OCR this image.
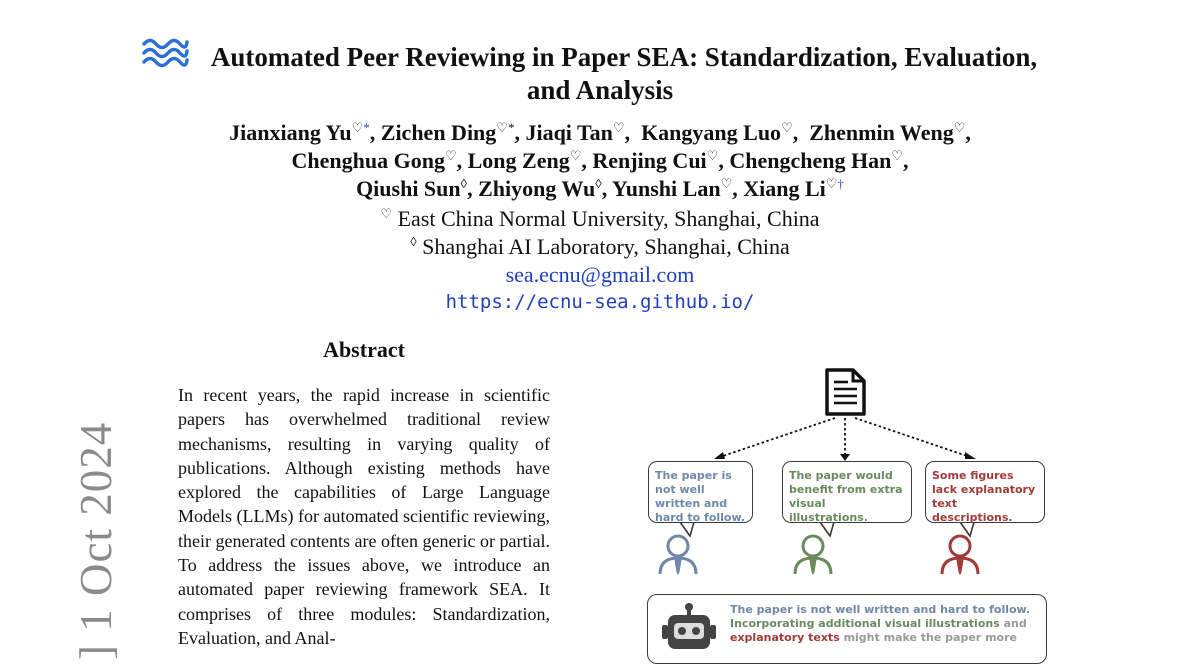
Automated Peer Reviewing in Paper SEA: Standardization, Evaluation,
and Analysis
Jianxiang Yu♡*, Zichen Ding♡*, Jiaqi Tan♡,  Kangyang Luo♡,  Zhenmin Weng♡,
Chenghua Gong♡, Long Zeng♡, Renjing Cui♡, Chengcheng Han♡,
Qiushi Sun◊, Zhiyong Wu◊, Yunshi Lan♡, Xiang Li♡†
♡ East China Normal University, Shanghai, China
◊ Shanghai AI Laboratory, Shanghai, China
sea.ecnu@gmail.com
https://ecnu-sea.github.io/
Abstract
In recent years, the rapid increase in scientific papers has overwhelmed traditional review mechanisms, resulting in varying quality of publications. Although existing methods have explored the capabilities of Large Language Models (LLMs) for automated scientific reviewing, their generated contents are often generic or partial. To address the issues above, we introduce an automated paper reviewing framework SEA. It comprises of three modules: Standardization, Evaluation, and Anal-
] 1 Oct 2024	The paper is not well written and hard to follow.
The paper would benefit from extra visual illustrations.
Some figures lack explanatory text descriptions.
The paper is not well written and hard to follow.
Incorporating additional visual illustrations and
explanatory texts might make the paper more
